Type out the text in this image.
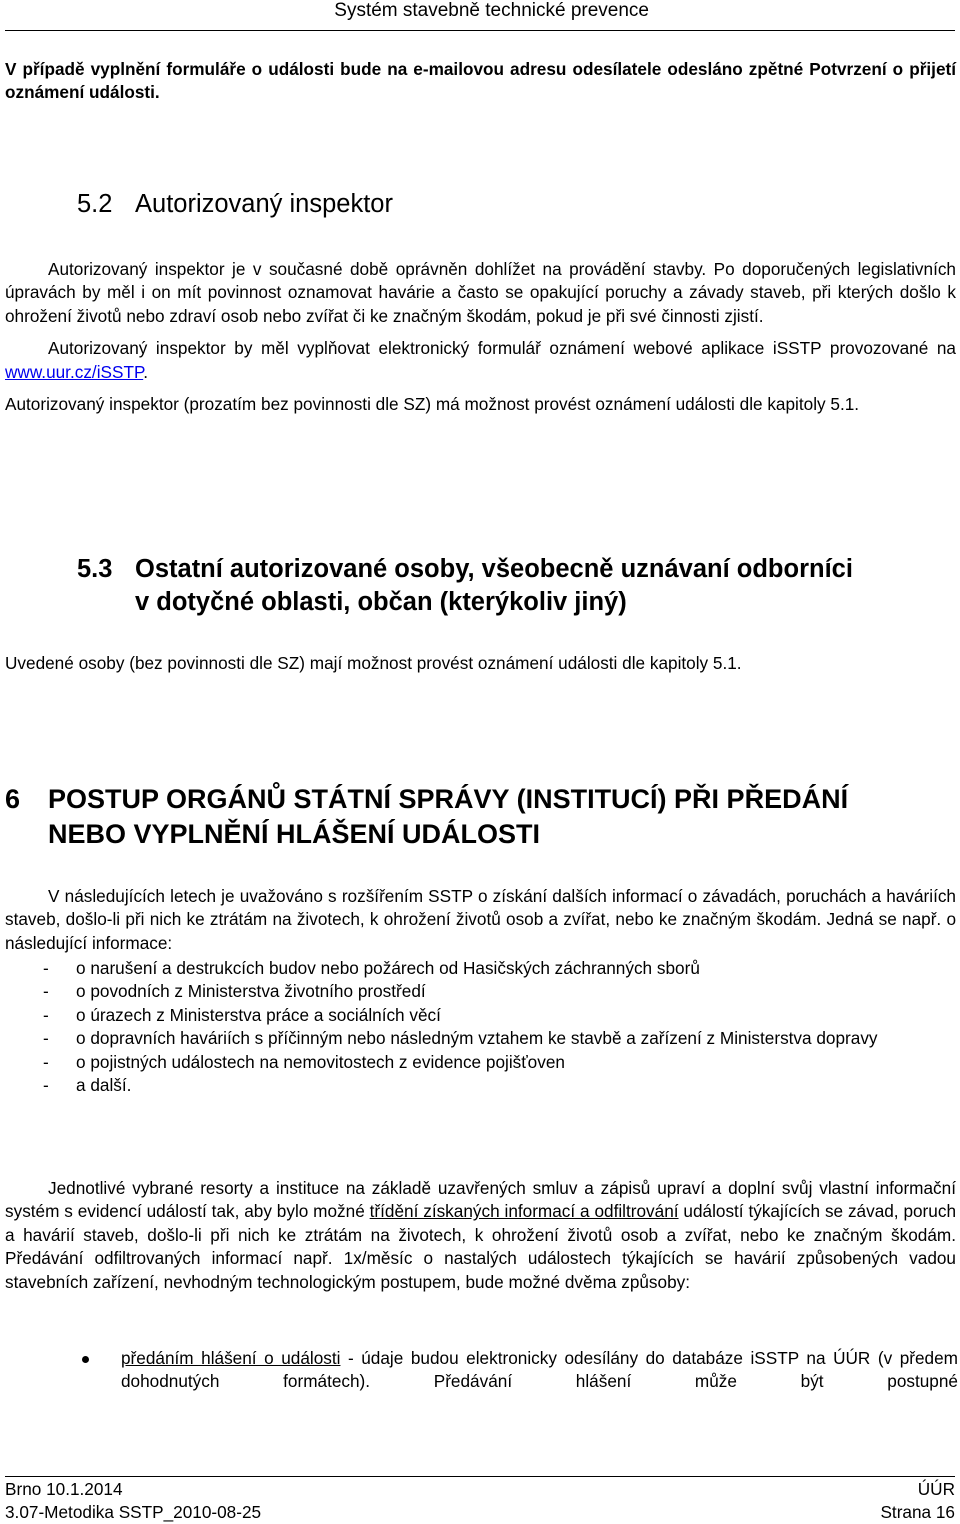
Systém stavebně technické prevence

V případě vyplnění formuláře o události bude na e-mailovou adresu odesílatele odesláno zpětné Potvrzení o přijetí oznámení události.

5.2 Autorizovaný inspektor

Autorizovaný inspektor je v současné době oprávněn dohlížet na provádění stavby. Po doporučených legislativních úpravách by měl i on mít povinnost oznamovat havárie a často se opakující poruchy a závady staveb, při kterých došlo k ohrožení životů nebo zdraví osob nebo zvířat či ke značným škodám, pokud je při své činnosti zjistí.

Autorizovaný inspektor by měl vyplňovat elektronický formulář oznámení webové aplikace iSSTP provozované na www.uur.cz/iSSTP.

Autorizovaný inspektor (prozatím bez povinnosti dle SZ) má možnost provést oznámení události dle kapitoly 5.1.

5.3 Ostatní autorizované osoby, všeobecně uznávaní odborníci
v dotyčné oblasti, občan (kterýkoliv jiný)

Uvedené osoby (bez povinnosti dle SZ) mají možnost provést oznámení události dle kapitoly 5.1.

6 POSTUP ORGÁNŮ STÁTNÍ SPRÁVY (INSTITUCÍ) PŘI PŘEDÁNÍ
NEBO VYPLNĚNÍ HLÁŠENÍ UDÁLOSTI

V následujících letech je uvažováno s rozšířením SSTP o získání dalších informací o závadách, poruchách a haváriích staveb, došlo-li při nich ke ztrátám na životech, k ohrožení životů osob a zvířat, nebo ke značným škodám. Jedná se např. o následující informace:

- o narušení a destrukcích budov nebo požárech od Hasičských záchranných sborů
- o povodních z Ministerstva životního prostředí
- o úrazech z Ministerstva práce a sociálních věcí
- o dopravních haváriích s příčinným nebo následným vztahem ke stavbě a zařízení z Ministerstva dopravy
- o pojistných událostech na nemovitostech z evidence pojišťoven
- a další.

Jednotlivé vybrané resorty a instituce na základě uzavřených smluv a zápisů upraví a doplní svůj vlastní informační systém s evidencí událostí tak, aby bylo možné třídění získaných informací a odfiltrování událostí týkajících se závad, poruch a havárií staveb, došlo-li při nich ke ztrátám na životech, k ohrožení životů osob a zvířat, nebo ke značným škodám. Předávání odfiltrovaných informací např. 1x/měsíc o nastalých událostech týkajících se havárií způsobených vadou stavebních zařízení, nevhodným technologickým postupem, bude možné dvěma způsoby:

předáním hlášení o události - údaje budou elektronicky odesílány do databáze iSSTP na ÚÚR (v předem dohodnutých formátech). Předávání hlášení může být postupné
Brno 10.1.2014	ÚÚR
3.07-Metodika SSTP_2010-08-25	Strana 16
